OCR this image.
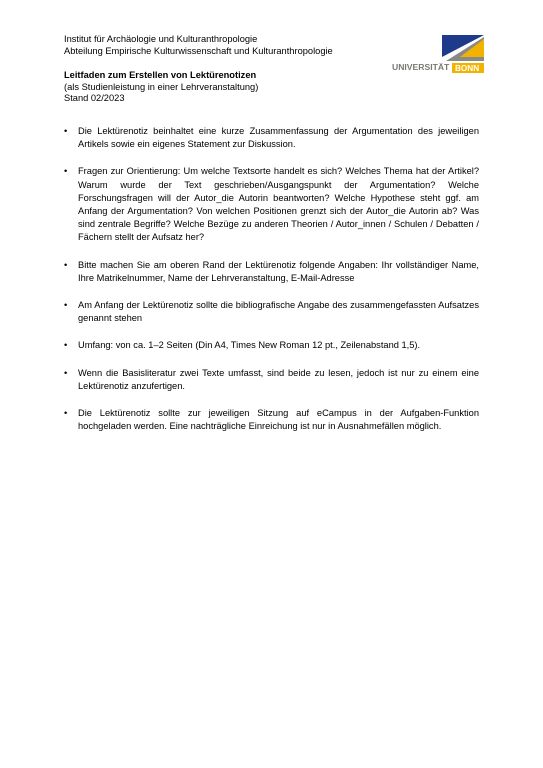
Institut für Archäologie und Kulturanthropologie
Abteilung Empirische Kulturwissenschaft und Kulturanthropologie
UNIVERSITÄT BONN
Leitfaden zum Erstellen von Lektürenotizen
(als Studienleistung in einer Lehrveranstaltung)
Stand 02/2023
• Die Lektürenotiz beinhaltet eine kurze Zusammenfassung der Argumentation des jeweiligen Artikels sowie ein eigenes Statement zur Diskussion.
• Fragen zur Orientierung: Um welche Textsorte handelt es sich? Welches Thema hat der Artikel? Warum wurde der Text geschrieben/Ausgangspunkt der Argumentation? Welche Forschungsfragen will der Autor_die Autorin beantworten? Welche Hypothese steht ggf. am Anfang der Argumentation? Von welchen Positionen grenzt sich der Autor_die Autorin ab? Was sind zentrale Begriffe? Welche Bezüge zu anderen Theorien / Autor_innen / Schulen / Debatten / Fächern stellt der Aufsatz her?
• Bitte machen Sie am oberen Rand der Lektürenotiz folgende Angaben: Ihr vollständiger Name, Ihre Matrikelnummer, Name der Lehrveranstaltung, E-Mail-Adresse
• Am Anfang der Lektürenotiz sollte die bibliografische Angabe des zusammengefassten Aufsatzes genannt stehen
• Umfang: von ca. 1–2 Seiten (Din A4, Times New Roman 12 pt., Zeilenabstand 1,5).
• Wenn die Basisliteratur zwei Texte umfasst, sind beide zu lesen, jedoch ist nur zu einem eine Lektürenotiz anzufertigen.
• Die Lektürenotiz sollte zur jeweiligen Sitzung auf eCampus in der Aufgaben-Funktion hochgeladen werden. Eine nachträgliche Einreichung ist nur in Ausnahmefällen möglich.
